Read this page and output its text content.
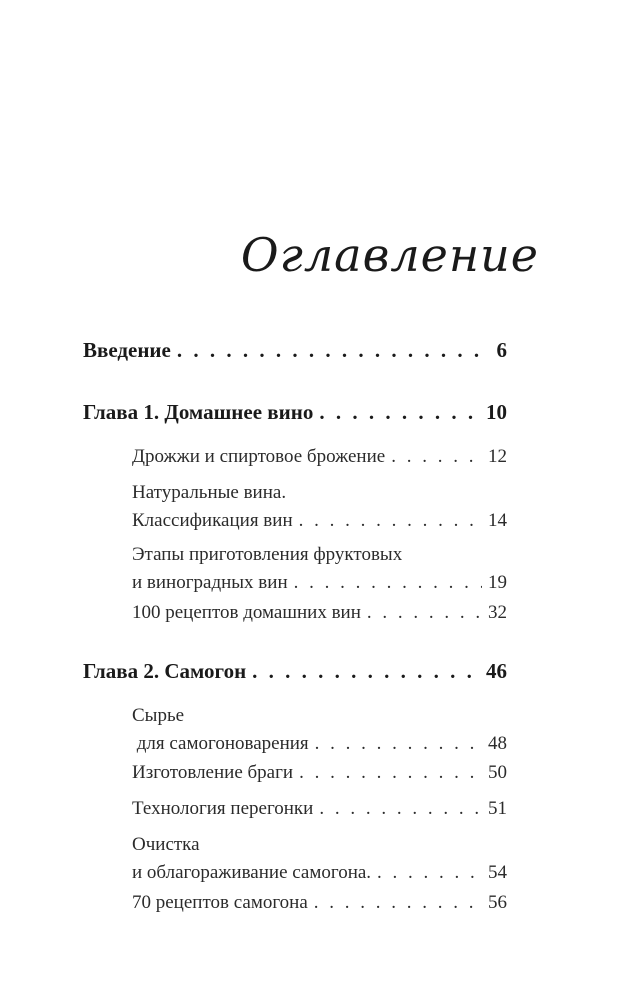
Оглавление
Введение . . .	6
Глава 1. Домашнее вино . . .	10
Дрожжи и спиртовое брожение . . .	12
Натуральные вина.
Классификация вин . . .	14
Этапы приготовления фруктовых
и виноградных вин . . .	19
100 рецептов домашних вин . . .	32
Глава 2. Самогон . . .	46
Сырье
для самогоноварения . . .	48
Изготовление браги . . .	50
Технология перегонки . . .	51
Очистка
и облагораживание самогона. . . .	54
70 рецептов самогона . . .	56
